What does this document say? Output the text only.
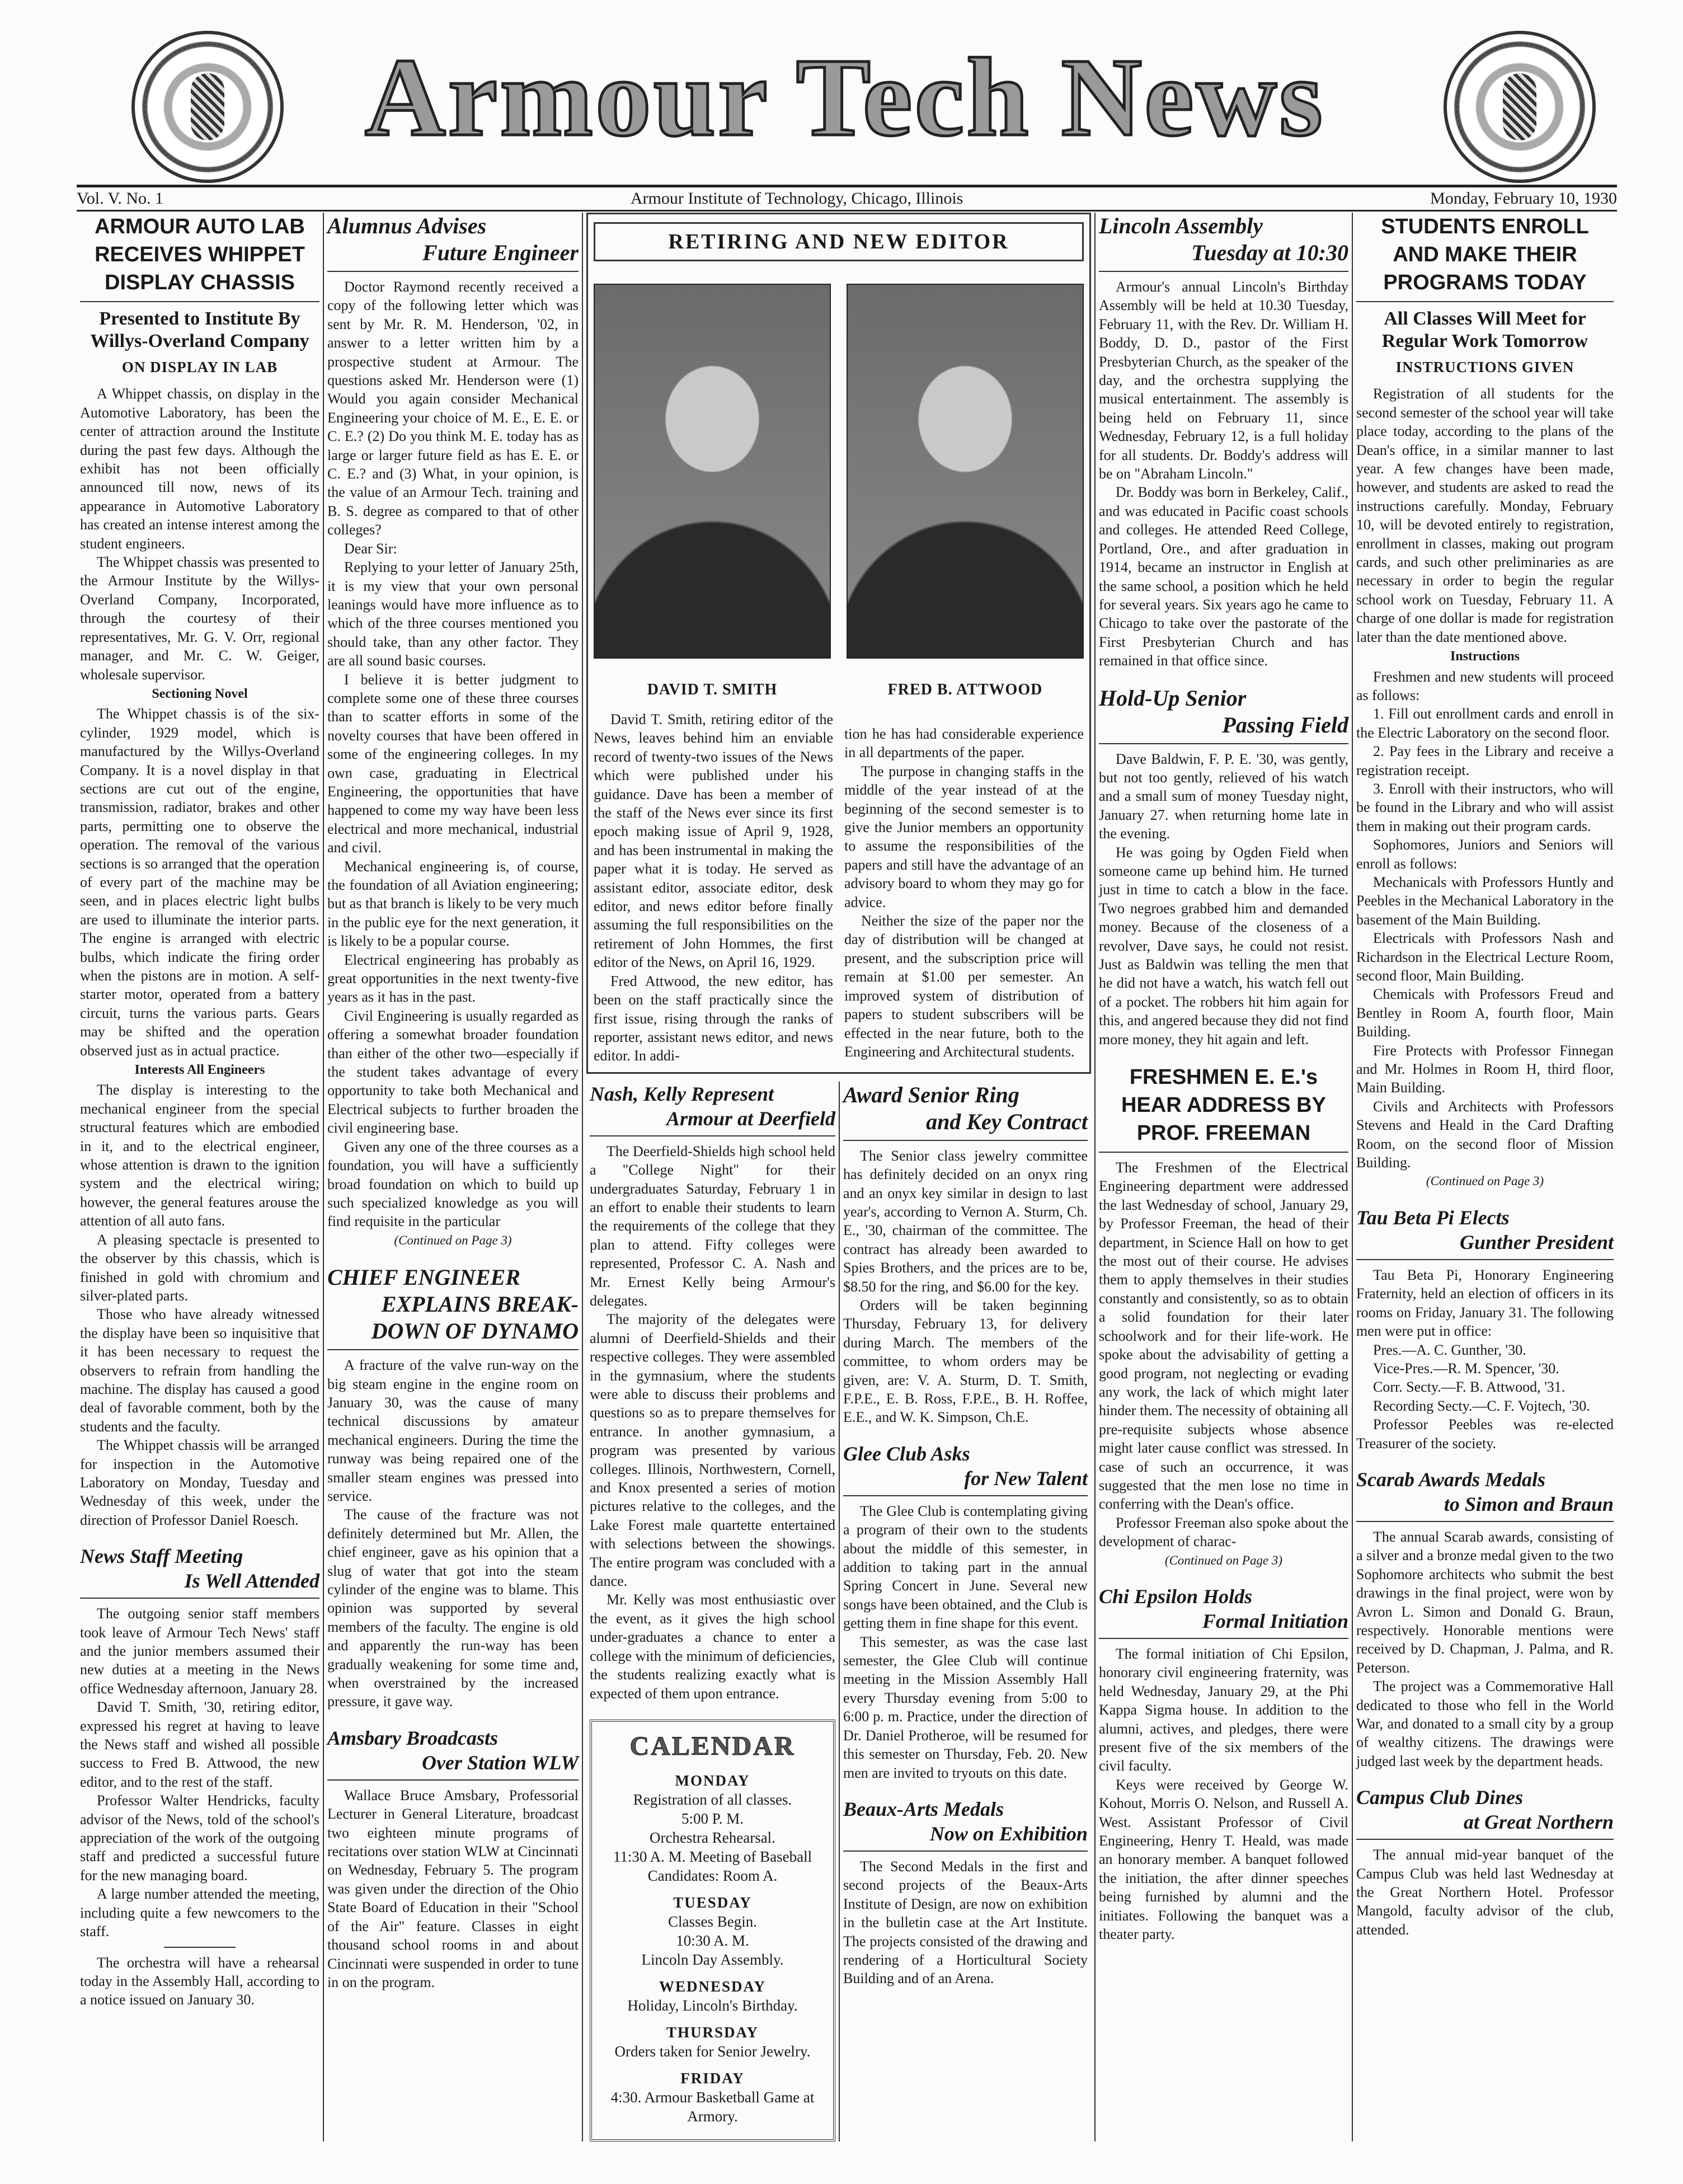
Armour Tech News
Vol. V. No. 1	Armour Institute of Technology, Chicago, Illinois	Monday, February 10, 1930
ARMOUR AUTO LAB
RECEIVES WHIPPET
DISPLAY CHASSIS
Presented to Institute By Willys-Overland Company
ON DISPLAY IN LAB

A Whippet chassis, on display in the Automotive Laboratory, has been the center of attraction around the Institute during the past few days. Although the exhibit has not been officially announced till now, news of its appearance in Automotive Laboratory has created an intense interest among the student engineers.

The Whippet chassis was presented to the Armour Institute by the Willys-Overland Company, Incorporated, through the courtesy of their representatives, Mr. G. V. Orr, regional manager, and Mr. C. W. Geiger, wholesale supervisor.

Sectioning Novel

The Whippet chassis is of the six-cylinder, 1929 model, which is manufactured by the Willys-Overland Company. It is a novel display in that sections are cut out of the engine, transmission, radiator, brakes and other parts, permitting one to observe the operation. The removal of the various sections is so arranged that the operation of every part of the machine may be seen, and in places electric light bulbs are used to illuminate the interior parts. The engine is arranged with electric bulbs, which indicate the firing order when the pistons are in motion. A self-starter motor, operated from a battery circuit, turns the various parts. Gears may be shifted and the operation observed just as in actual practice.

Interests All Engineers

The display is interesting to the mechanical engineer from the special structural features which are embodied in it, and to the electrical engineer, whose attention is drawn to the ignition system and the electrical wiring; however, the general features arouse the attention of all auto fans.

A pleasing spectacle is presented to the observer by this chassis, which is finished in gold with chromium and silver-plated parts.

Those who have already witnessed the display have been so inquisitive that it has been necessary to request the observers to refrain from handling the machine. The display has caused a good deal of favorable comment, both by the students and the faculty.

The Whippet chassis will be arranged for inspection in the Automotive Laboratory on Monday, Tuesday and Wednesday of this week, under the direction of Professor Daniel Roesch.

News Staff Meeting
Is Well Attended

The outgoing senior staff members took leave of Armour Tech News' staff and the junior members assumed their new duties at a meeting in the News office Wednesday afternoon, January 28.

David T. Smith, '30, retiring editor, expressed his regret at having to leave the News staff and wished all possible success to Fred B. Attwood, the new editor, and to the rest of the staff.

Professor Walter Hendricks, faculty advisor of the News, told of the school's appreciation of the work of the outgoing staff and predicted a successful future for the new managing board.

A large number attended the meeting, including quite a few newcomers to the staff.

The orchestra will have a rehearsal today in the Assembly Hall, according to a notice issued on January 30.

Alumnus Advises
Future Engineer

Doctor Raymond recently received a copy of the following letter which was sent by Mr. R. M. Henderson, '02, in answer to a letter written him by a prospective student at Armour. The questions asked Mr. Henderson were (1) Would you again consider Mechanical Engineering your choice of M. E., E. E. or C. E.? (2) Do you think M. E. today has as large or larger future field as has E. E. or C. E.? and (3) What, in your opinion, is the value of an Armour Tech. training and B. S. degree as compared to that of other colleges?

Dear Sir:

Replying to your letter of January 25th, it is my view that your own personal leanings would have more influence as to which of the three courses mentioned you should take, than any other factor. They are all sound basic courses.

I believe it is better judgment to complete some one of these three courses than to scatter efforts in some of the novelty courses that have been offered in some of the engineering colleges. In my own case, graduating in Electrical Engineering, the opportunities that have happened to come my way have been less electrical and more mechanical, industrial and civil.

Mechanical engineering is, of course, the foundation of all Aviation engineering; but as that branch is likely to be very much in the public eye for the next generation, it is likely to be a popular course.

Electrical engineering has probably as great opportunities in the next twenty-five years as it has in the past.

Civil Engineering is usually regarded as offering a somewhat broader foundation than either of the other two—especially if the student takes advantage of every opportunity to take both Mechanical and Electrical subjects to further broaden the civil engineering base.

Given any one of the three courses as a foundation, you will have a sufficiently broad foundation on which to build up such specialized knowledge as you will find requisite in the particular

(Continued on Page 3)
CHIEF ENGINEER
EXPLAINS BREAK-
DOWN OF DYNAMO

A fracture of the valve run-way on the big steam engine in the engine room on January 30, was the cause of many technical discussions by amateur mechanical engineers. During the time the runway was being repaired one of the smaller steam engines was pressed into service.

The cause of the fracture was not definitely determined but Mr. Allen, the chief engineer, gave as his opinion that a slug of water that got into the steam cylinder of the engine was to blame. This opinion was supported by several members of the faculty. The engine is old and apparently the run-way has been gradually weakening for some time and, when overstrained by the increased pressure, it gave way.

Amsbary Broadcasts
Over Station WLW

Wallace Bruce Amsbary, Professorial Lecturer in General Literature, broadcast two eighteen minute programs of recitations over station WLW at Cincinnati on Wednesday, February 5. The program was given under the direction of the Ohio State Board of Education in their "School of the Air" feature. Classes in eight thousand school rooms in and about Cincinnati were suspended in order to tune in on the program.

RETIRING AND NEW EDITOR
DAVID T. SMITH	FRED B. ATTWOOD

David T. Smith, retiring editor of the News, leaves behind him an enviable record of twenty-two issues of the News which were published under his guidance. Dave has been a member of the staff of the News ever since its first epoch making issue of April 9, 1928, and has been instrumental in making the paper what it is today. He served as assistant editor, associate editor, desk editor, and news editor before finally assuming the full responsibilities on the retirement of John Hommes, the first editor of the News, on April 16, 1929.

Fred Attwood, the new editor, has been on the staff practically since the first issue, rising through the ranks of reporter, assistant news editor, and news editor. In addi-

tion he has had considerable experience in all departments of the paper.

The purpose in changing staffs in the middle of the year instead of at the beginning of the second semester is to give the Junior members an opportunity to assume the responsibilities of the papers and still have the advantage of an advisory board to whom they may go for advice.

Neither the size of the paper nor the day of distribution will be changed at present, and the subscription price will remain at $1.00 per semester. An improved system of distribution of papers to student subscribers will be effected in the near future, both to the Engineering and Architectural students.

Nash, Kelly Represent
Armour at Deerfield

The Deerfield-Shields high school held a "College Night" for their undergraduates Saturday, February 1 in an effort to enable their students to learn the requirements of the college that they plan to attend. Fifty colleges were represented, Professor C. A. Nash and Mr. Ernest Kelly being Armour's delegates.

The majority of the delegates were alumni of Deerfield-Shields and their respective colleges. They were assembled in the gymnasium, where the students were able to discuss their problems and questions so as to prepare themselves for entrance. In another gymnasium, a program was presented by various colleges. Illinois, Northwestern, Cornell, and Knox presented a series of motion pictures relative to the colleges, and the Lake Forest male quartette entertained with selections between the showings. The entire program was concluded with a dance.

Mr. Kelly was most enthusiastic over the event, as it gives the high school under-graduates a chance to enter a college with the minimum of deficiencies, the students realizing exactly what is expected of them upon entrance.

CALENDAR
MONDAY
Registration of all classes.
5:00 P. M.
Orchestra Rehearsal.
11:30 A. M. Meeting of Baseball Candidates: Room A.
TUESDAY
Classes Begin.
10:30 A. M.
Lincoln Day Assembly.
WEDNESDAY
Holiday, Lincoln's Birthday.
THURSDAY
Orders taken for Senior Jewelry.
FRIDAY
4:30. Armour Basketball Game at Armory.
Award Senior Ring
and Key Contract

The Senior class jewelry committee has definitely decided on an onyx ring and an onyx key similar in design to last year's, according to Vernon A. Sturm, Ch. E., '30, chairman of the committee. The contract has already been awarded to Spies Brothers, and the prices are to be, $8.50 for the ring, and $6.00 for the key.

Orders will be taken beginning Thursday, February 13, for delivery during March. The members of the committee, to whom orders may be given, are: V. A. Sturm, D. T. Smith, F.P.E., E. B. Ross, F.P.E., B. H. Roffee, E.E., and W. K. Simpson, Ch.E.

Glee Club Asks
for New Talent

The Glee Club is contemplating giving a program of their own to the students about the middle of this semester, in addition to taking part in the annual Spring Concert in June. Several new songs have been obtained, and the Club is getting them in fine shape for this event.

This semester, as was the case last semester, the Glee Club will continue meeting in the Mission Assembly Hall every Thursday evening from 5:00 to 6:00 p. m. Practice, under the direction of Dr. Daniel Protheroe, will be resumed for this semester on Thursday, Feb. 20. New men are invited to tryouts on this date.

Beaux-Arts Medals
Now on Exhibition

The Second Medals in the first and second projects of the Beaux-Arts Institute of Design, are now on exhibition in the bulletin case at the Art Institute. The projects consisted of the drawing and rendering of a Horticultural Society Building and of an Arena.

Lincoln Assembly
Tuesday at 10:30

Armour's annual Lincoln's Birthday Assembly will be held at 10.30 Tuesday, February 11, with the Rev. Dr. William H. Boddy, D. D., pastor of the First Presbyterian Church, as the speaker of the day, and the orchestra supplying the musical entertainment. The assembly is being held on February 11, since Wednesday, February 12, is a full holiday for all students. Dr. Boddy's address will be on "Abraham Lincoln."

Dr. Boddy was born in Berkeley, Calif., and was educated in Pacific coast schools and colleges. He attended Reed College, Portland, Ore., and after graduation in 1914, became an instructor in English at the same school, a position which he held for several years. Six years ago he came to Chicago to take over the pastorate of the First Presbyterian Church and has remained in that office since.

Hold-Up Senior
Passing Field

Dave Baldwin, F. P. E. '30, was gently, but not too gently, relieved of his watch and a small sum of money Tuesday night, January 27. when returning home late in the evening.

He was going by Ogden Field when someone came up behind him. He turned just in time to catch a blow in the face. Two negroes grabbed him and demanded money. Because of the closeness of a revolver, Dave says, he could not resist. Just as Baldwin was telling the men that he did not have a watch, his watch fell out of a pocket. The robbers hit him again for this, and angered because they did not find more money, they hit again and left.

FRESHMEN E. E.'s
HEAR ADDRESS BY
PROF. FREEMAN

The Freshmen of the Electrical Engineering department were addressed the last Wednesday of school, January 29, by Professor Freeman, the head of their department, in Science Hall on how to get the most out of their course. He advises them to apply themselves in their studies constantly and consistently, so as to obtain a solid foundation for their later schoolwork and for their life-work. He spoke about the advisability of getting a good program, not neglecting or evading any work, the lack of which might later hinder them. The necessity of obtaining all pre-requisite subjects whose absence might later cause conflict was stressed. In case of such an occurrence, it was suggested that the men lose no time in conferring with the Dean's office.

Professor Freeman also spoke about the development of charac-

(Continued on Page 3)
Chi Epsilon Holds
Formal Initiation

The formal initiation of Chi Epsilon, honorary civil engineering fraternity, was held Wednesday, January 29, at the Phi Kappa Sigma house. In addition to the alumni, actives, and pledges, there were present five of the six members of the civil faculty.

Keys were received by George W. Kohout, Morris O. Nelson, and Russell A. West. Assistant Professor of Civil Engineering, Henry T. Heald, was made an honorary member. A banquet followed the initiation, the after dinner speeches being furnished by alumni and the initiates. Following the banquet was a theater party.

STUDENTS ENROLL
AND MAKE THEIR
PROGRAMS TODAY
All Classes Will Meet for Regular Work Tomorrow
INSTRUCTIONS GIVEN

Registration of all students for the second semester of the school year will take place today, according to the plans of the Dean's office, in a similar manner to last year. A few changes have been made, however, and students are asked to read the instructions carefully. Monday, February 10, will be devoted entirely to registration, enrollment in classes, making out program cards, and such other preliminaries as are necessary in order to begin the regular school work on Tuesday, February 11. A charge of one dollar is made for registration later than the date mentioned above.

Instructions

Freshmen and new students will proceed as follows:

1. Fill out enrollment cards and enroll in the Electric Laboratory on the second floor.

2. Pay fees in the Library and receive a registration receipt.

3. Enroll with their instructors, who will be found in the Library and who will assist them in making out their program cards.

Sophomores, Juniors and Seniors will enroll as follows:

Mechanicals with Professors Huntly and Peebles in the Mechanical Laboratory in the basement of the Main Building.

Electricals with Professors Nash and Richardson in the Electrical Lecture Room, second floor, Main Building.

Chemicals with Professors Freud and Bentley in Room A, fourth floor, Main Building.

Fire Protects with Professor Finnegan and Mr. Holmes in Room H, third floor, Main Building.

Civils and Architects with Professors Stevens and Heald in the Card Drafting Room, on the second floor of Mission Building.

(Continued on Page 3)
Tau Beta Pi Elects
Gunther President

Tau Beta Pi, Honorary Engineering Fraternity, held an election of officers in its rooms on Friday, January 31. The following men were put in office:

Pres.—A. C. Gunther, '30.

Vice-Pres.—R. M. Spencer, '30.

Corr. Secty.—F. B. Attwood, '31.

Recording Secty.—C. F. Vojtech, '30.

Professor Peebles was re-elected Treasurer of the society.

Scarab Awards Medals
to Simon and Braun

The annual Scarab awards, consisting of a silver and a bronze medal given to the two Sophomore architects who submit the best drawings in the final project, were won by Avron L. Simon and Donald G. Braun, respectively. Honorable mentions were received by D. Chapman, J. Palma, and R. Peterson.

The project was a Commemorative Hall dedicated to those who fell in the World War, and donated to a small city by a group of wealthy citizens. The drawings were judged last week by the department heads.

Campus Club Dines
at Great Northern

The annual mid-year banquet of the Campus Club was held last Wednesday at the Great Northern Hotel. Professor Mangold, faculty advisor of the club, attended.
